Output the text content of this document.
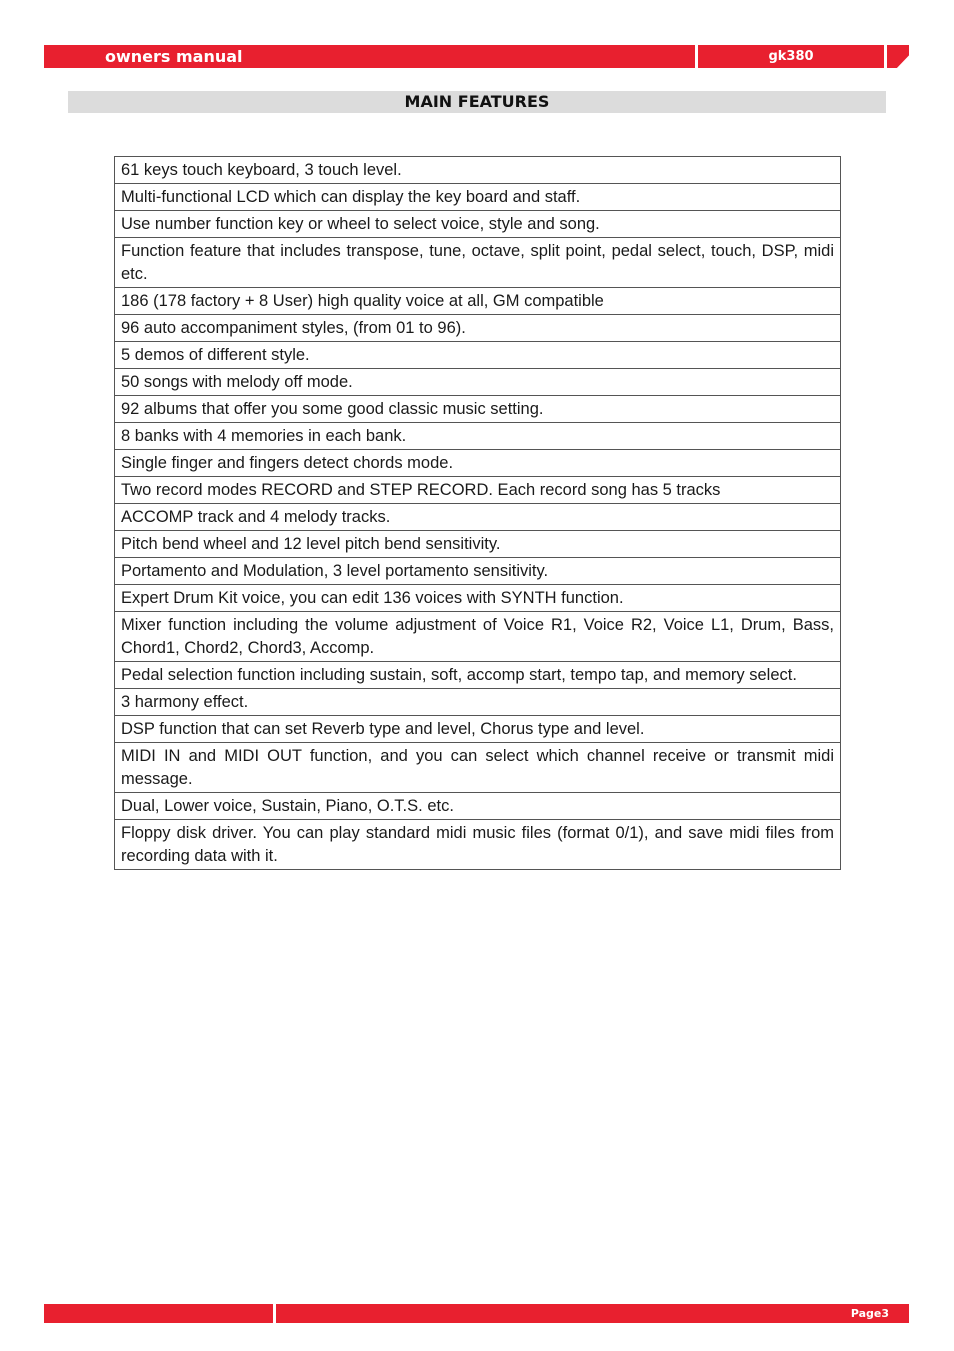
owners manual	gk380
MAIN FEATURES
61 keys touch keyboard, 3 touch level.
Multi-functional LCD which can display the key board and staff.
Use number function key or wheel to select voice, style and song.
Function feature that includes transpose, tune, octave, split point, pedal select, touch, DSP, midi etc.
186 (178 factory + 8 User) high quality voice at all, GM compatible
96 auto accompaniment styles, (from 01 to 96).
5 demos of different style.
50 songs with melody off mode.
92 albums that offer you some good classic music setting.
8 banks with 4 memories in each bank.
Single finger and fingers detect chords mode.
Two record modes RECORD and STEP RECORD. Each record song has 5 tracks
ACCOMP track and 4 melody tracks.
Pitch bend wheel and 12 level pitch bend sensitivity.
Portamento and Modulation, 3 level portamento sensitivity.
Expert Drum Kit voice, you can edit 136 voices with SYNTH function.
Mixer function including the volume adjustment of Voice R1, Voice R2, Voice L1, Drum, Bass, Chord1, Chord2, Chord3, Accomp.
Pedal selection function including sustain, soft, accomp start, tempo tap, and memory select.
3 harmony effect.
DSP function that can set Reverb type and level, Chorus type and level.
MIDI IN and MIDI OUT function, and you can select which channel receive or transmit midi message.
Dual, Lower voice, Sustain, Piano, O.T.S. etc.
Floppy disk driver. You can play standard midi music files (format 0/1), and save midi files from recording data with it.
Page3
